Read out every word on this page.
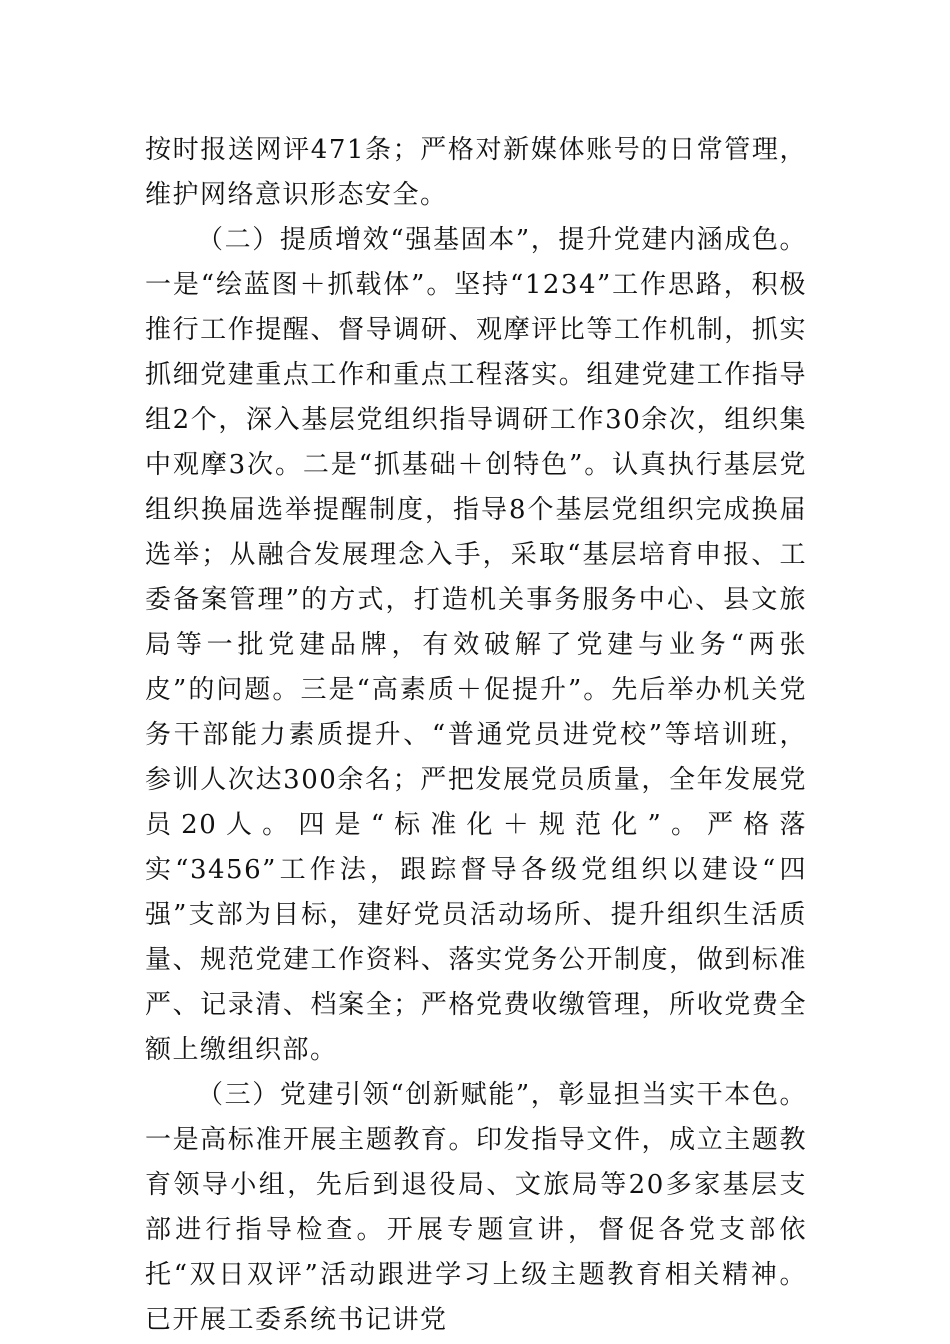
按时报送网评471条；严格对新媒体账号的日常管理，维护网络意识形态安全。

（二）提质增效“强基固本”，提升党建内涵成色。一是“绘蓝图＋抓载体”。坚持“1234”工作思路，积极推行工作提醒、督导调研、观摩评比等工作机制，抓实抓细党建重点工作和重点工程落实。组建党建工作指导组2个，深入基层党组织指导调研工作30余次，组织集中观摩3次。二是“抓基础＋创特色”。认真执行基层党组织换届选举提醒制度，指导8个基层党组织完成换届选举；从融合发展理念入手，采取“基层培育申报、工委备案管理”的方式，打造机关事务服务中心、县文旅局等一批党建品牌，有效破解了党建与业务“两张皮”的问题。三是“高素质＋促提升”。先后举办机关党务干部能力素质提升、“普通党员进党校”等培训班，参训人次达300余名；严把发展党员质量，全年发展党员20人。四是“标准化＋规范化”。严格落实“3456”工作法，跟踪督导各级党组织以建设“四强”支部为目标，建好党员活动场所、提升组织生活质量、规范党建工作资料、落实党务公开制度，做到标准严、记录清、档案全；严格党费收缴管理，所收党费全额上缴组织部。

（三）党建引领“创新赋能”，彰显担当实干本色。一是高标准开展主题教育。印发指导文件，成立主题教育领导小组，先后到退役局、文旅局等20多家基层支部进行指导检查。开展专题宣讲，督促各党支部依托“双日双评”活动跟进学习上级主题教育相关精神。已开展工委系统书记讲党
